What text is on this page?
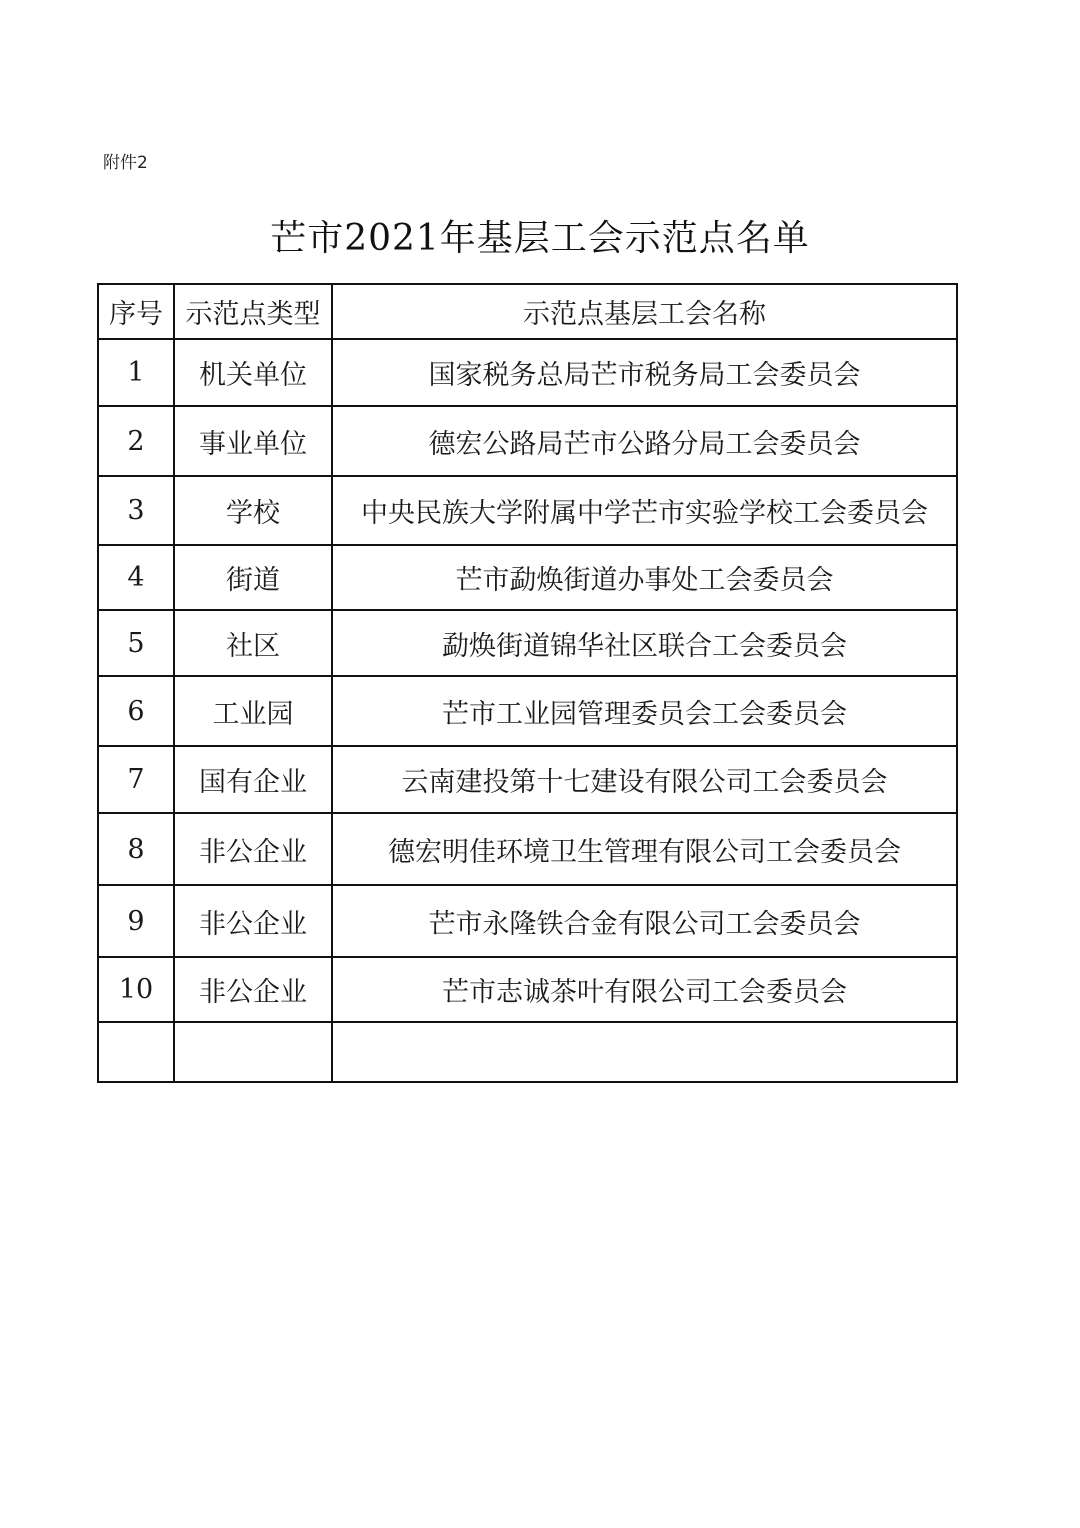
附件2
芒市2021年基层工会示范点名单
序号	示范点类型	示范点基层工会名称
1	机关单位	国家税务总局芒市税务局工会委员会
2	事业单位	德宏公路局芒市公路分局工会委员会
3	学校	中央民族大学附属中学芒市实验学校工会委员会
4	街道	芒市勐焕街道办事处工会委员会
5	社区	勐焕街道锦华社区联合工会委员会
6	工业园	芒市工业园管理委员会工会委员会
7	国有企业	云南建投第十七建设有限公司工会委员会
8	非公企业	德宏明佳环境卫生管理有限公司工会委员会
9	非公企业	芒市永隆铁合金有限公司工会委员会
10	非公企业	芒市志诚茶叶有限公司工会委员会
